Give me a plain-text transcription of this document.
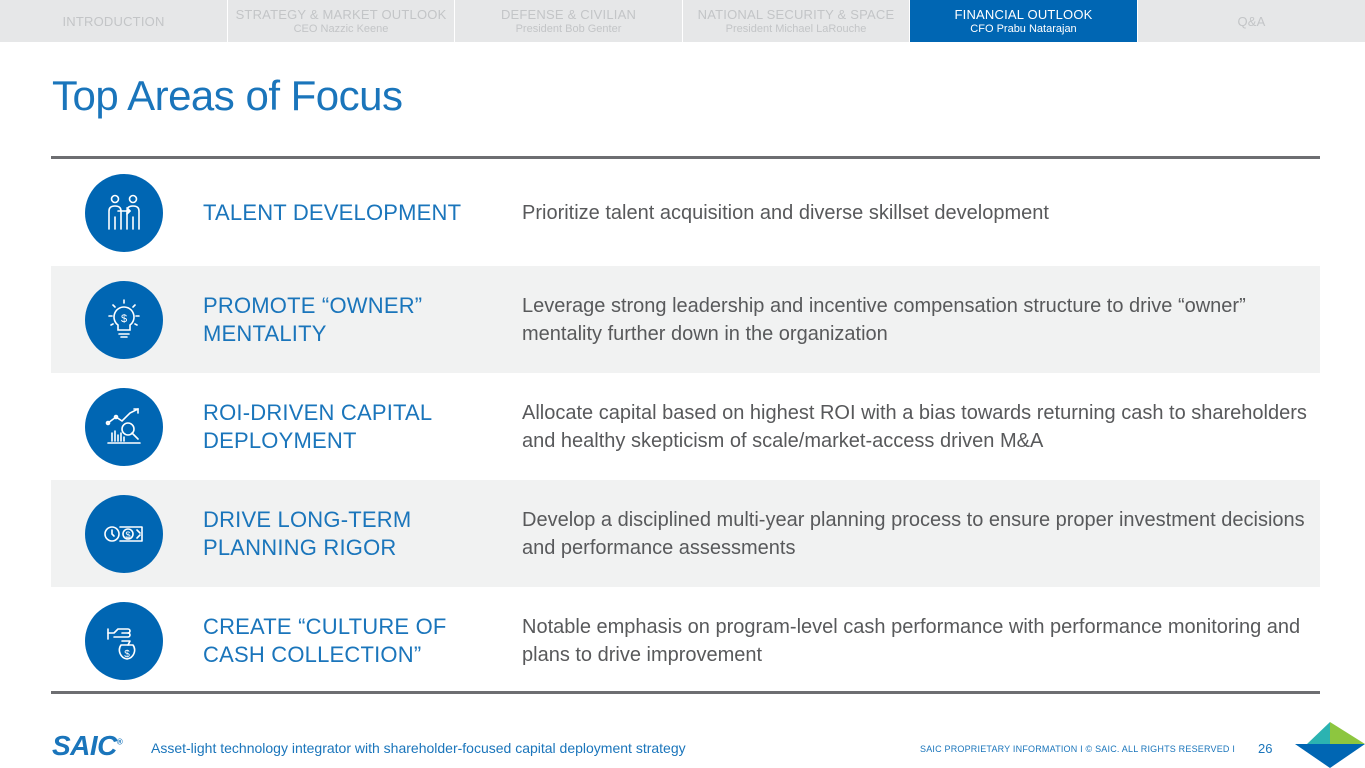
INTRODUCTION	STRATEGY & MARKET OUTLOOK
CEO Nazzic Keene
DEFENSE & CIVILIAN
President Bob Genter
NATIONAL SECURITY & SPACE
President Michael LaRouche
FINANCIAL OUTLOOK
CFO Prabu Natarajan	Q&A
Top Areas of Focus
TALENT DEVELOPMENT	Prioritize talent acquisition and diverse skillset development
$
PROMOTE “OWNER” MENTALITY
Leverage strong leadership and incentive compensation structure to drive “owner” mentality further down in the organization
ROI-DRIVEN CAPITAL DEPLOYMENT
Allocate capital based on highest ROI with a bias towards returning cash to shareholders and healthy skepticism of scale/market-access driven M&A
$
DRIVE LONG-TERM PLANNING RIGOR
Develop a disciplined multi-year planning process to ensure proper investment decisions and performance assessments
$
CREATE “CULTURE OF CASH COLLECTION”
Notable emphasis on program-level cash performance with performance monitoring and plans to drive improvement
SAIC® Asset-light technology integrator with shareholder-focused capital deployment strategy	SAIC PROPRIETARY INFORMATION I © SAIC. ALL RIGHTS RESERVED I 26
